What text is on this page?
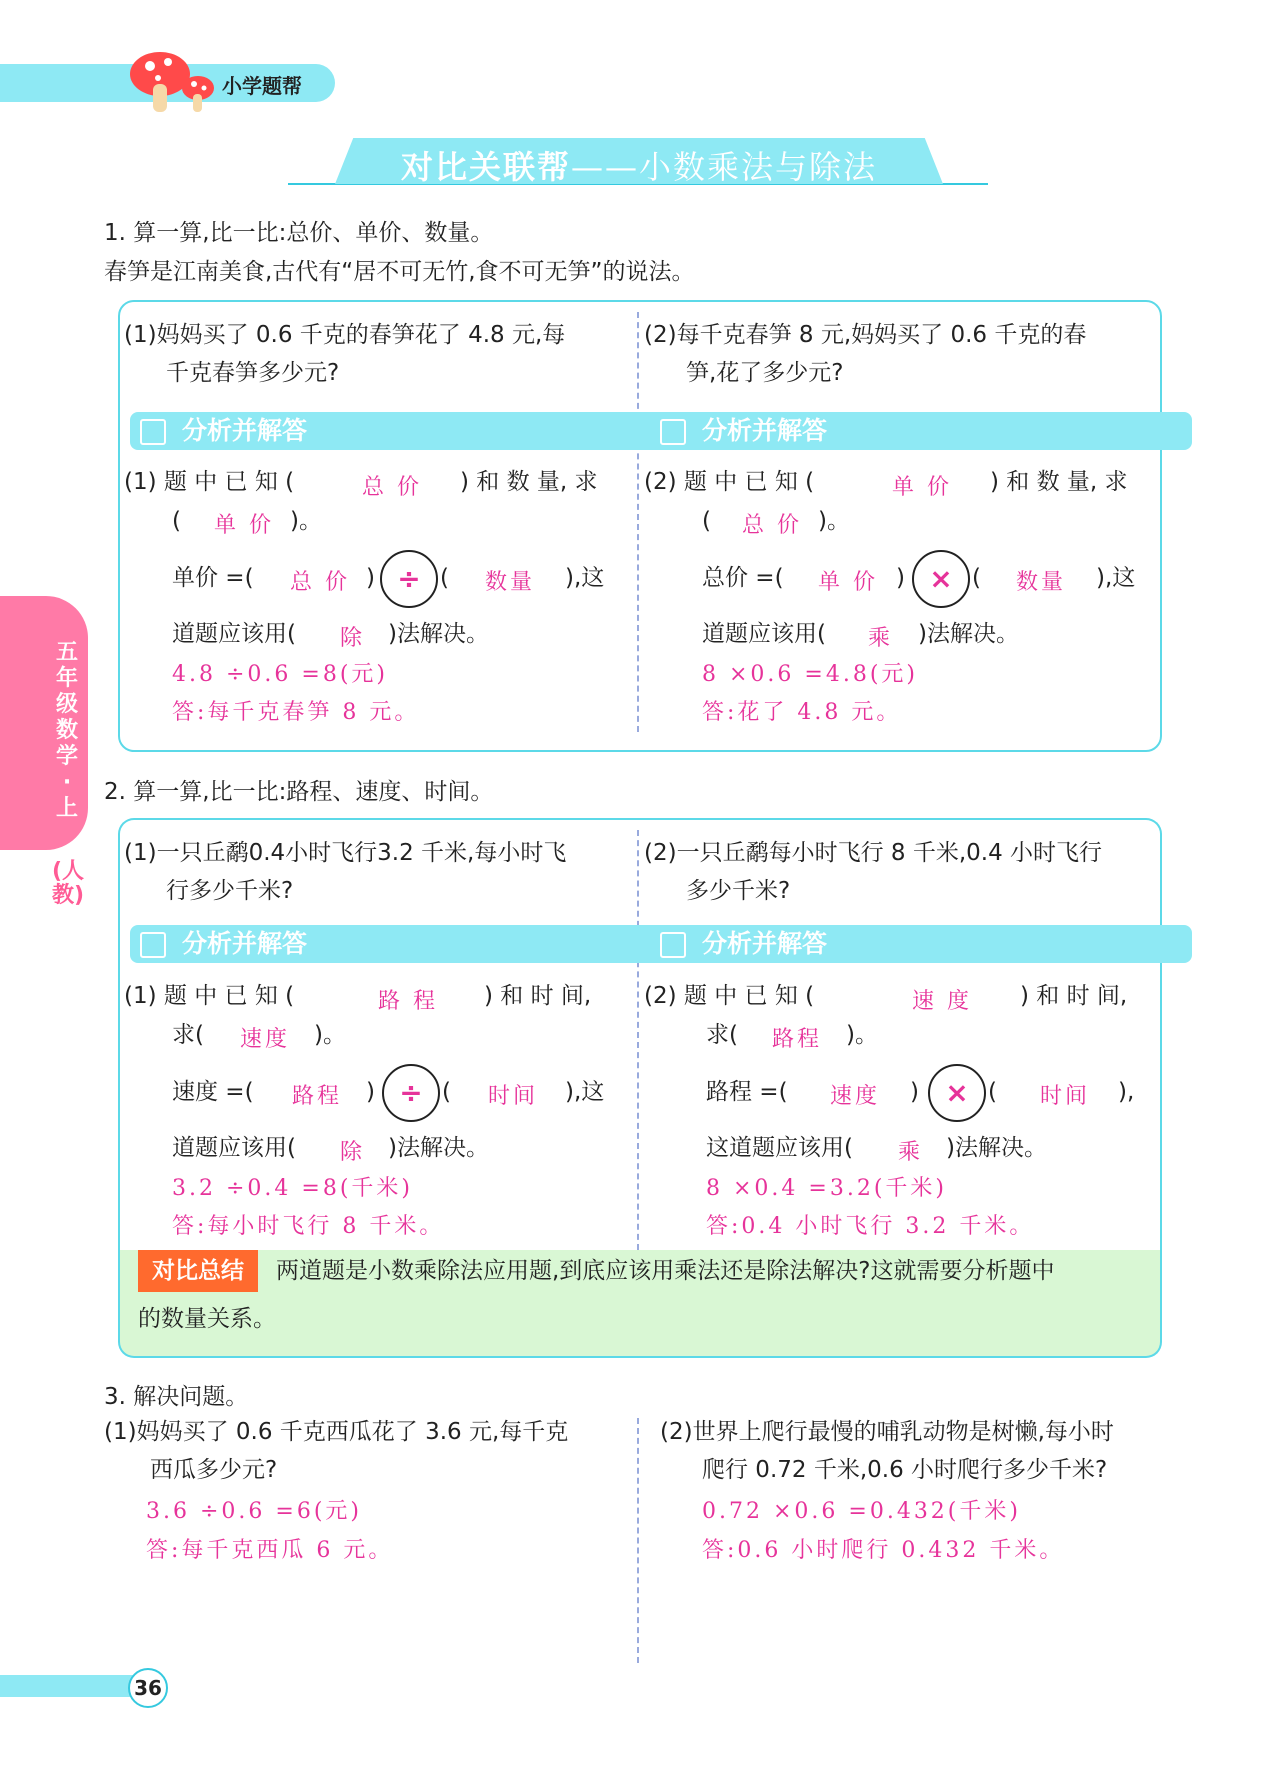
小学题帮
对比关联帮——小数乘法与除法
五年级数学·上
(人教)
1. 算一算,比一比:总价、单价、数量。
春笋是江南美食,古代有“居不可无竹,食不可无笋”的说法。
(1)妈妈买了 0.6 千克的春笋花了 4.8 元,每
千克春笋多少元?
分析并解答
(1) 题 中 已 知 (	总 价 ) 和 数 量, 求
( 单 价 )。
单价 =( 总 价 ) ÷ ( 数量 ),这
道题应该用( 除 )法解决。
4.8 ÷0.6 =8(元)
答:每千克春笋 8 元。
(2)每千克春笋 8 元,妈妈买了 0.6 千克的春
笋,花了多少元?
分析并解答
(2) 题 中 已 知 (	单 价 ) 和 数 量, 求
( 总 价 )。
总价 =( 单 价 ) × ( 数量 ),这
道题应该用( 乘 )法解决。
8 ×0.6 =4.8(元)
答:花了 4.8 元。
2. 算一算,比一比:路程、速度、时间。
(1)一只丘鹬0.4小时飞行3.2 千米,每小时飞
行多少千米?
分析并解答
(1) 题 中 已 知 (	路 程 ) 和 时 间,
求( 速度 )。
速度 =( 路程 ) ÷ ( 时间 ),这
道题应该用( 除 )法解决。
3.2 ÷0.4 =8(千米)
答:每小时飞行 8 千米。
(2)一只丘鹬每小时飞行 8 千米,0.4 小时飞行
多少千米?
分析并解答
(2) 题 中 已 知 (	速 度 ) 和 时 间,
求( 路程 )。
路程 =( 速度 ) × ( 时间 ),
这道题应该用( 乘 )法解决。
8 ×0.4 =3.2(千米)
答:0.4 小时飞行 3.2 千米。
对比总结	两道题是小数乘除法应用题,到底应该用乘法还是除法解决?这就需要分析题中
的数量关系。
3. 解决问题。
(1)妈妈买了 0.6 千克西瓜花了 3.6 元,每千克
西瓜多少元?
3.6 ÷0.6 =6(元)
答:每千克西瓜 6 元。
(2)世界上爬行最慢的哺乳动物是树懒,每小时
爬行 0.72 千米,0.6 小时爬行多少千米?
0.72 ×0.6 =0.432(千米)
答:0.6 小时爬行 0.432 千米。
36
